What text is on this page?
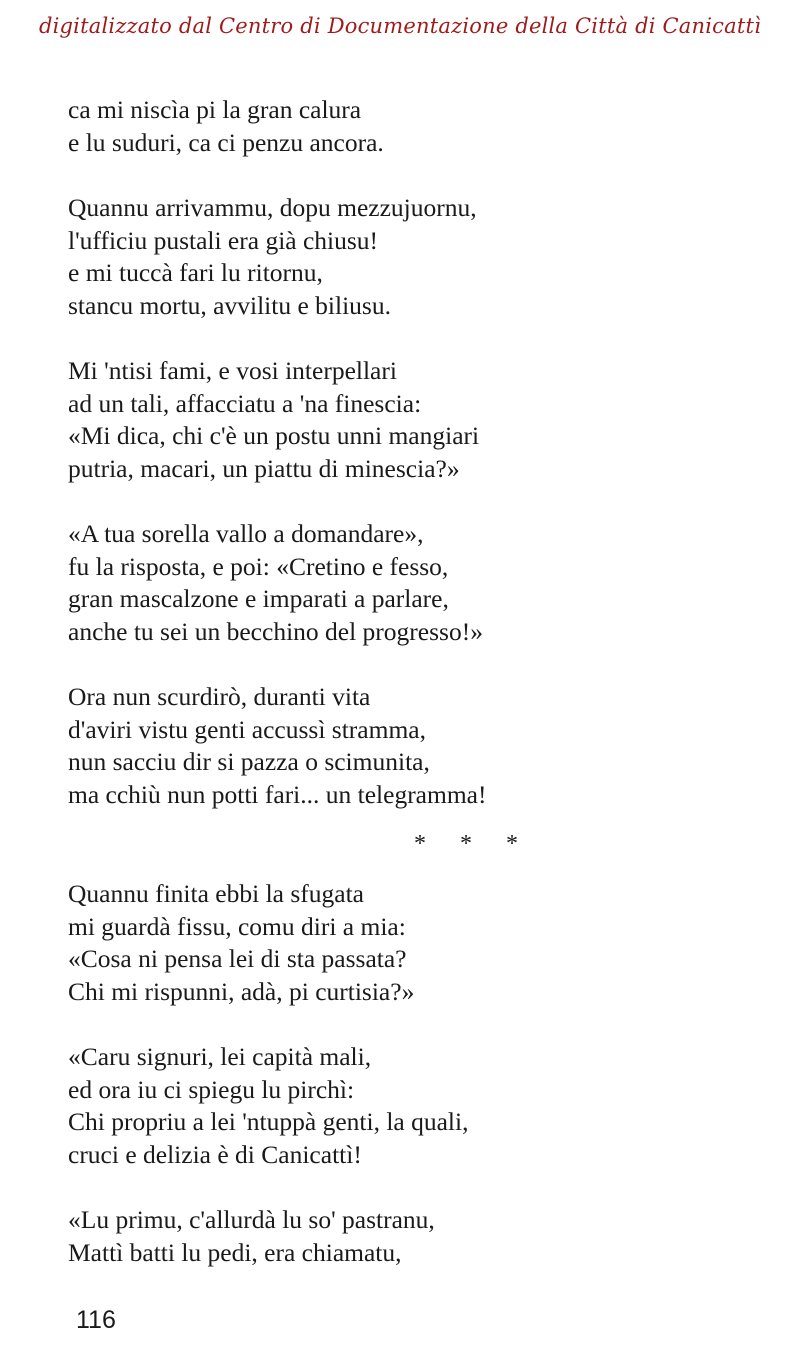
digitalizzato dal Centro di Documentazione della Città di Canicattì
ca mi niscìa pi la gran calura
e lu suduri, ca ci penzu ancora.
Quannu arrivammu, dopu mezzujuornu,
l'ufficiu pustali era già chiusu!
e mi tuccà fari lu ritornu,
stancu mortu, avvilitu e biliusu.
Mi 'ntisi fami, e vosi interpellari
ad un tali, affacciatu a 'na finescia:
«Mi dica, chi c'è un postu unni mangiari
putria, macari, un piattu di minescia?»
«A tua sorella vallo a domandare»,
fu la risposta, e poi: «Cretino e fesso,
gran mascalzone e imparati a parlare,
anche tu sei un becchino del progresso!»
Ora nun scurdirò, duranti vita
d'aviri vistu genti accussì stramma,
nun sacciu dir si pazza o scimunita,
ma cchiù nun potti fari... un telegramma!
* * *
Quannu finita ebbi la sfugata
mi guardà fissu, comu diri a mia:
«Cosa ni pensa lei di sta passata?
Chi mi rispunni, adà, pi curtisia?»
«Caru signuri, lei capità mali,
ed ora iu ci spiegu lu pirchì:
Chi propriu a lei 'ntuppà genti, la quali,
cruci e delizia è di Canicattì!
«Lu primu, c'allurdà lu so' pastranu,
Mattì batti lu pedi, era chiamatu,
116
